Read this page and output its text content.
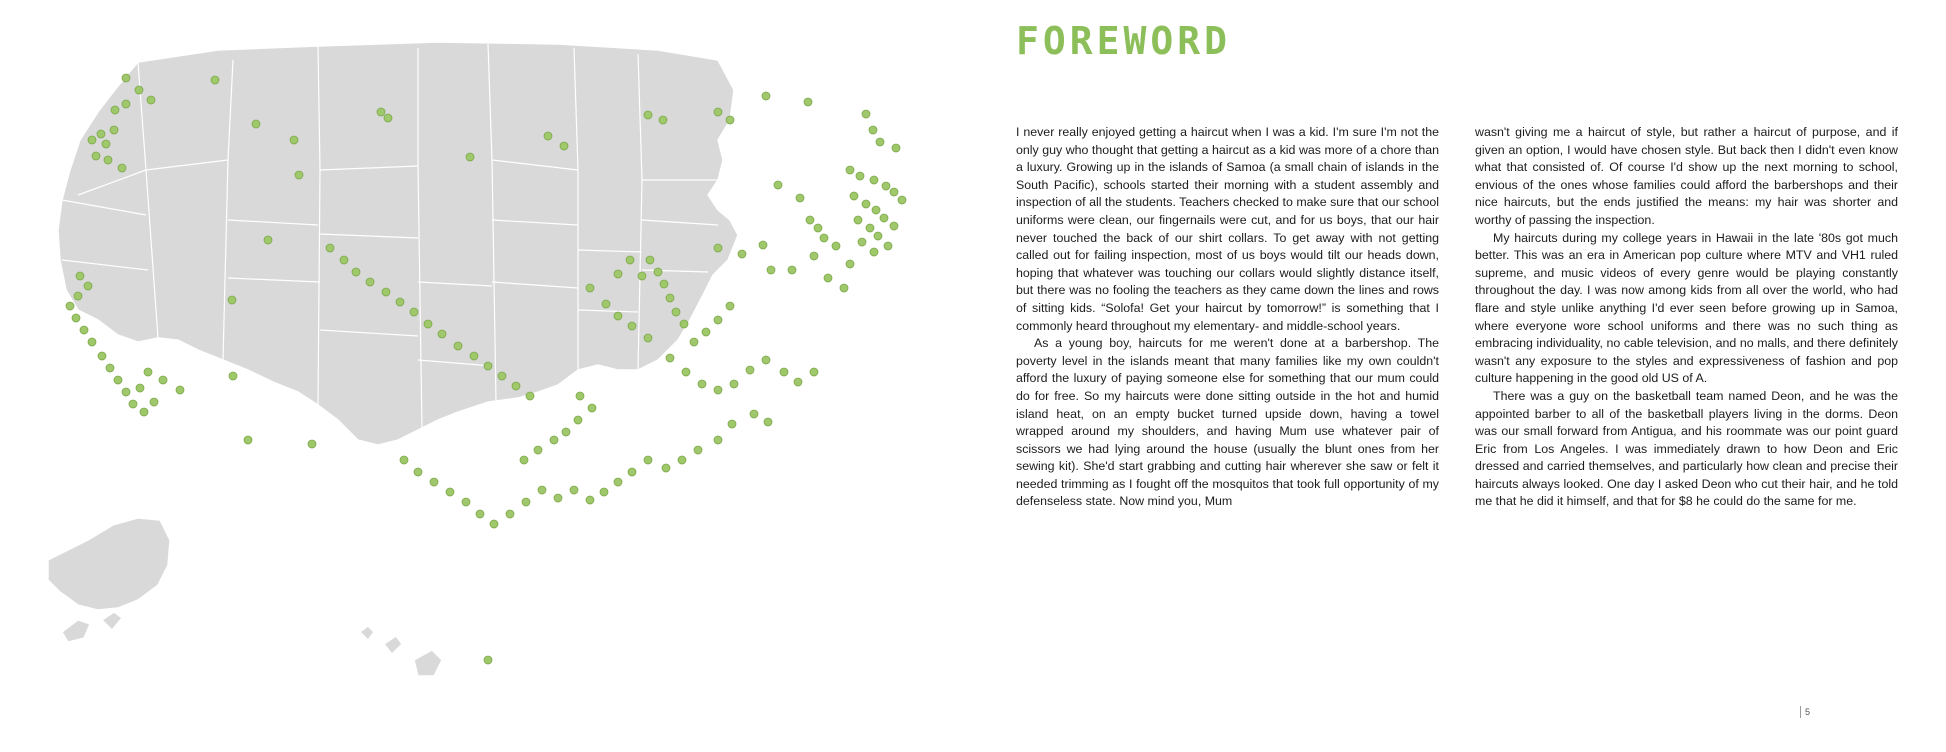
FOREWORD

I never really enjoyed getting a haircut when I was a kid. I'm sure I'm not the only guy who thought that getting a haircut as a kid was more of a chore than a luxury. Growing up in the islands of Samoa (a small chain of islands in the South Pacific), schools started their morning with a student assembly and inspection of all the students. Teachers checked to make sure that our school uniforms were clean, our fingernails were cut, and for us boys, that our hair never touched the back of our shirt collars. To get away with not getting called out for failing inspection, most of us boys would tilt our heads down, hoping that whatever was touching our collars would slightly distance itself, but there was no fooling the teachers as they came down the lines and rows of sitting kids. “Solofa! Get your haircut by tomorrow!” is something that I commonly heard throughout my elementary- and middle-school years.

As a young boy, haircuts for me weren't done at a barbershop. The poverty level in the islands meant that many families like my own couldn't afford the luxury of paying someone else for something that our mum could do for free. So my haircuts were done sitting outside in the hot and humid island heat, on an empty bucket turned upside down, having a towel wrapped around my shoulders, and having Mum use whatever pair of scissors we had lying around the house (usually the blunt ones from her sewing kit). She'd start grabbing and cutting hair wherever she saw or felt it needed trimming as I fought off the mosquitos that took full opportunity of my defenseless state. Now mind you, Mum

wasn't giving me a haircut of style, but rather a haircut of purpose, and if given an option, I would have chosen style. But back then I didn't even know what that consisted of. Of course I'd show up the next morning to school, envious of the ones whose families could afford the barbershops and their nice haircuts, but the ends justified the means: my hair was shorter and worthy of passing the inspection.

My haircuts during my college years in Hawaii in the late '80s got much better. This was an era in American pop culture where MTV and VH1 ruled supreme, and music videos of every genre would be playing constantly throughout the day. I was now among kids from all over the world, who had flare and style unlike anything I'd ever seen before growing up in Samoa, where everyone wore school uniforms and there was no such thing as embracing individuality, no cable television, and no malls, and there definitely wasn't any exposure to the styles and expressiveness of fashion and pop culture happening in the good old US of A.

There was a guy on the basketball team named Deon, and he was the appointed barber to all of the basketball players living in the dorms. Deon was our small forward from Antigua, and his roommate was our point guard Eric from Los Angeles. I was immediately drawn to how Deon and Eric dressed and carried themselves, and particularly how clean and precise their haircuts always looked. One day I asked Deon who cut their hair, and he told me that he did it himself, and that for $8 he could do the same for me.

5
